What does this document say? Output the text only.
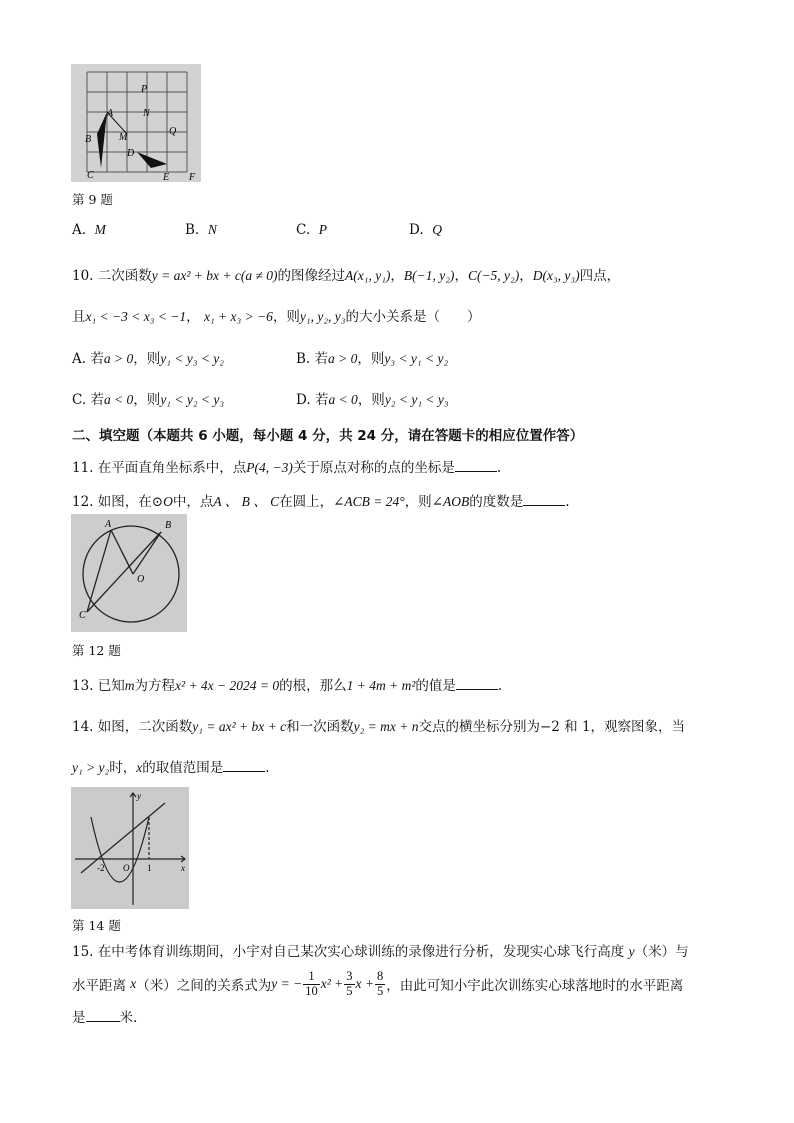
P
N
A
Q
B	M
D
C	E F
第 9 题
A. M	B. N	C. P	D. Q
10. 二次函数y = ax² + bx + c(a ≠ 0)的图像经过A(x₁, y₁)，B(−1, y₂)，C(−5, y₂)，D(x₃, y₃)四点，
且x₁ < −3 < x₃ < −1， x₁ + x₃ > −6，则y₁, y₂, y₃的大小关系是（　　）
A. 若a > 0，则y₁ < y₃ < y₂	B. 若a > 0，则y₃ < y₁ < y₂
C. 若a < 0，则y₁ < y₂ < y₃	D. 若a < 0，则y₂ < y₁ < y₃
二、填空题（本题共 6 小题，每小题 4 分，共 24 分，请在答题卡的相应位置作答）
11. 在平面直角坐标系中，点P(4, −3)关于原点对称的点的坐标是	.
12. 如图，在⊙O中，点A 、 B 、 C在圆上，∠ACB = 24°，则∠AOB的度数是	.
A	B
O
C
第 12 题
13. 已知m为方程x² + 4x − 2024 = 0的根，那么1 + 4m + m²的值是	.
14. 如图，二次函数y₁ = ax² + bx + c和一次函数y₂ = mx + n交点的横坐标分别为−2 和 1，观察图象，当
y₁ > y₂时，x的取值范围是	.
y
x
O
-2	1
第 14 题
15. 在中考体育训练期间，小宇对自己某次实心球训练的录像进行分析，发现实心球飞行高度 y（米）与
水平距离
x （米）之间的关系式为 y = − $\frac{1}{10} x^2 + \frac{3}{5}$ $x + \frac{8}{5}$ ，由此可知小宇此次训练实心球落地时的水平距离
是	米.
